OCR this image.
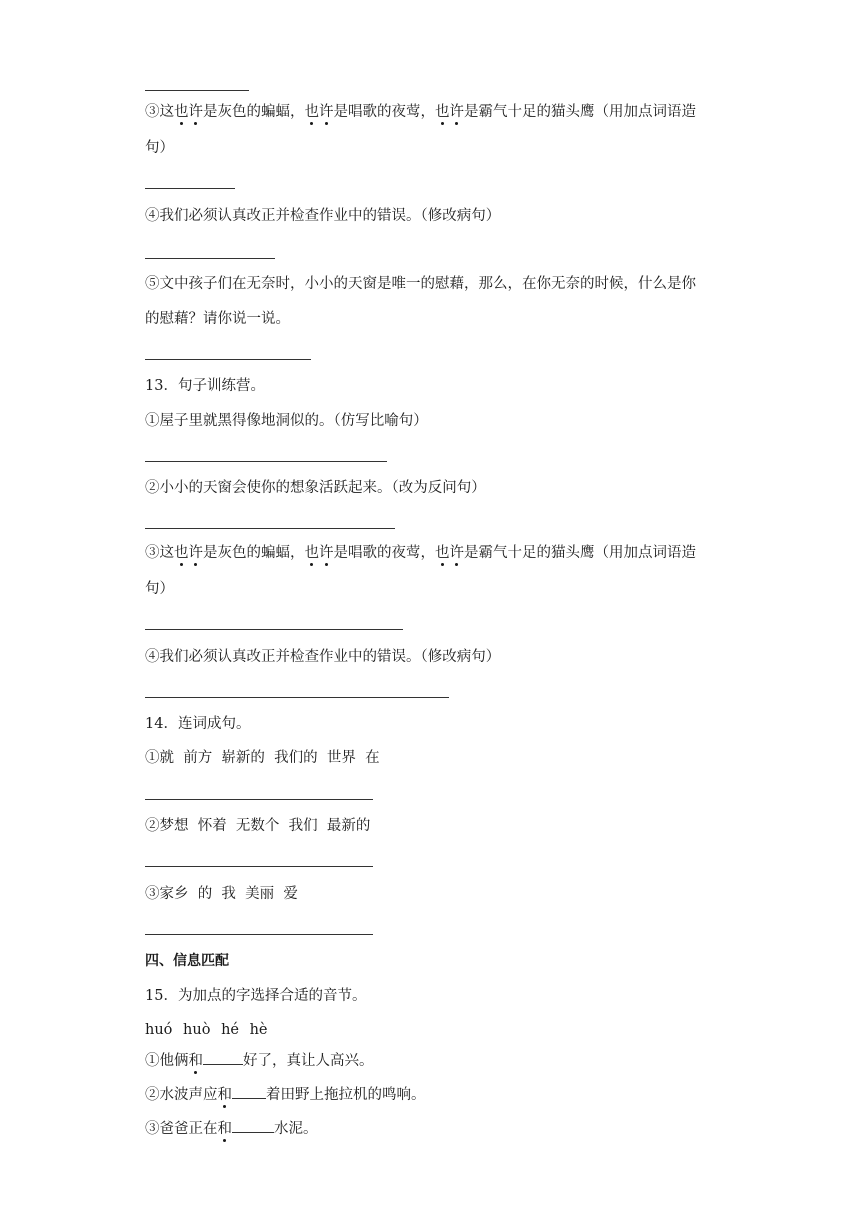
③这也许是灰色的蝙蝠，也许是唱歌的夜莺，也许是霸气十足的猫头鹰（用加点词语造
句）
④我们必须认真改正并检查作业中的错误。（修改病句）
⑤文中孩子们在无奈时，小小的天窗是唯一的慰藉，那么，在你无奈的时候，什么是你
的慰藉？请你说一说。
13．句子训练营。
①屋子里就黑得像地洞似的。（仿写比喻句）
②小小的天窗会使你的想象活跃起来。（改为反问句）
③这也许是灰色的蝙蝠，也许是唱歌的夜莺，也许是霸气十足的猫头鹰（用加点词语造
句）
④我们必须认真改正并检查作业中的错误。（修改病句）
14．连词成句。
①就  前方  崭新的  我们的  世界  在
②梦想  怀着  无数个  我们  最新的
③家乡  的  我  美丽  爱
四、信息匹配
15．为加点的字选择合适的音节。
huó huò hé hè
①他俩和	好了，真让人高兴。
②水波声应和 着田野上拖拉机的鸣响。
③爸爸正在和	水泥。
